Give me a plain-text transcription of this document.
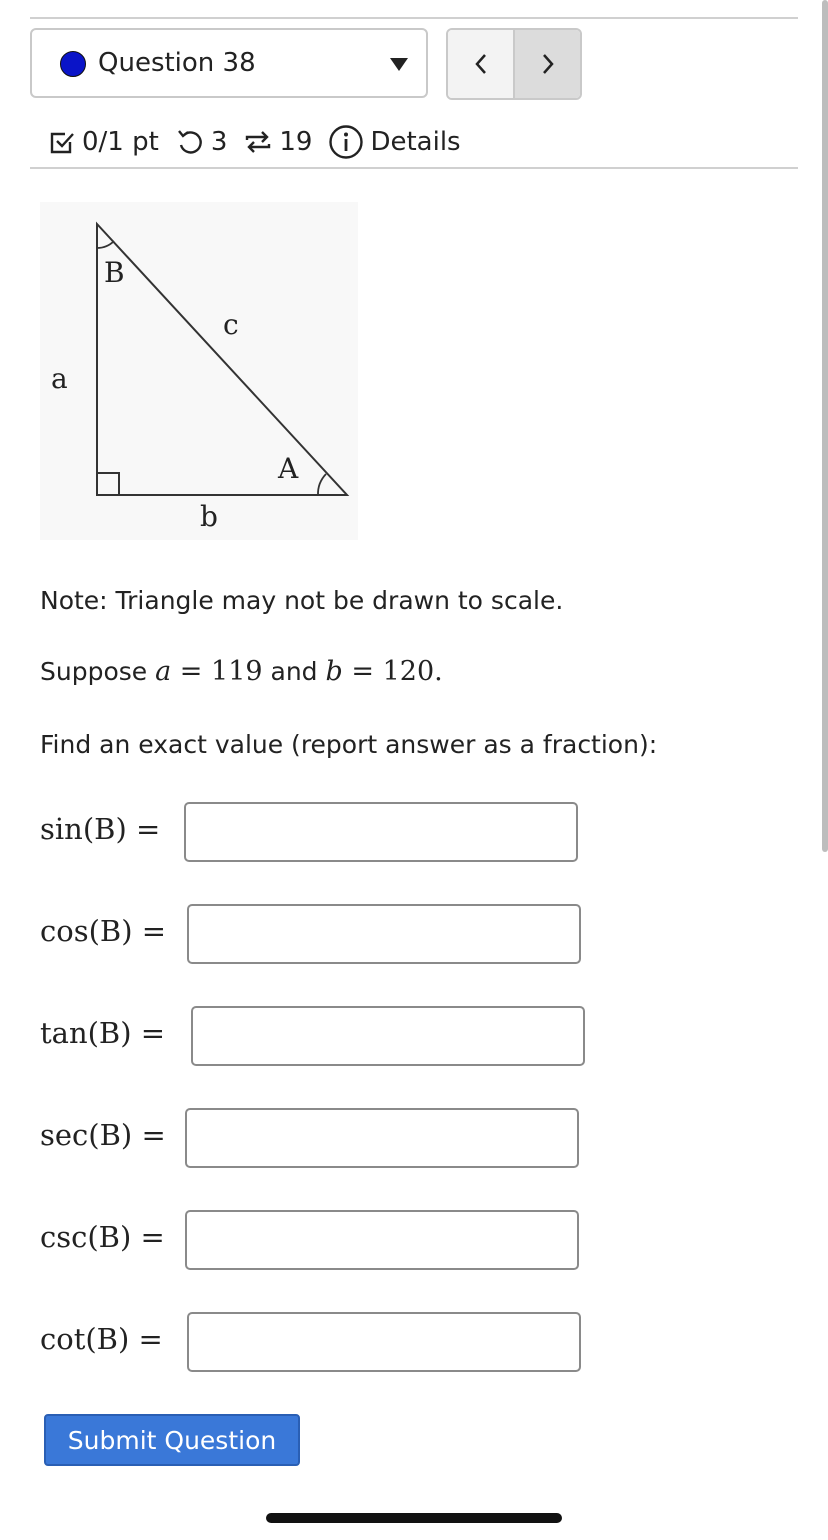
Question 38
0/1 pt 3 19 Details
B
c
a
A
b
Note: Triangle may not be drawn to scale.
Suppose a = 119 and b = 120.
Find an exact value (report answer as a fraction):
sin(B) =
cos(B) =
tan(B) =
sec(B) =
csc(B) =
cot(B) =
Submit Question
